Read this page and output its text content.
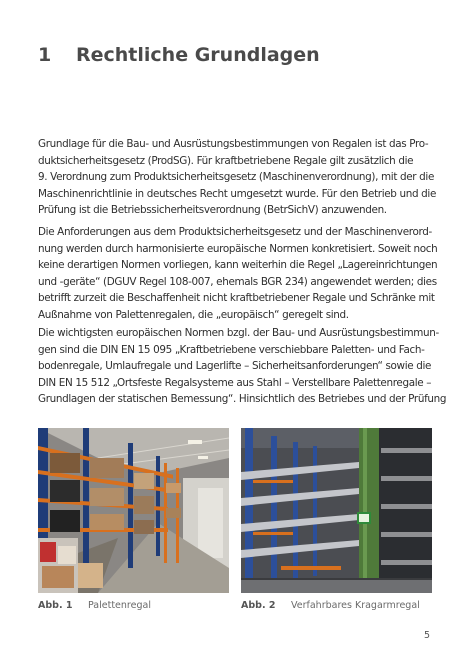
1 Rechtliche Grundlagen
Grundlage für die Bau- und Ausrüstungsbestimmungen von Regalen ist das Pro-
duktsicherheitsgesetz (ProdSG). Für kraftbetriebene Regale gilt zusätzlich die
9. Verordnung zum Produktsicherheitsgesetz (Maschinenverordnung), mit der die
Maschinenrichtlinie in deutsches Recht umgesetzt wurde. Für den Betrieb und die
Prüfung ist die Betriebssicherheitsverordnung (BetrSichV) anzuwenden.
Die Anforderungen aus dem Produktsicherheitsgesetz und der Maschinenverord-
nung werden durch harmonisierte europäische Normen konkretisiert. Soweit noch
keine derartigen Normen vorliegen, kann weiterhin die Regel „Lagereinrichtungen
und -geräte“ (DGUV Regel 108-007, ehemals BGR 234) angewendet werden; dies
betrifft zurzeit die Beschaffenheit nicht kraftbetriebener Regale und Schränke mit
Außnahme von Palettenregalen, die „europäisch“ geregelt sind.
Die wichtigsten europäischen Normen bzgl. der Bau- und Ausrüstungsbestimmun-
gen sind die DIN EN 15 095 „Kraftbetriebene verschiebbare Paletten- und Fach-
bodenregale, Umlaufregale und Lagerlifte – Sicherheitsanforderungen“ sowie die
DIN EN 15 512 „Ortsfeste Regalsysteme aus Stahl – Verstellbare Palettenregale –
Grundlagen der statischen Bemessung“. Hinsichtlich des Betriebes und der Prüfung
Abb. 1 Palettenregal	Abb. 2 Verfahrbares Kragarmregal
5
